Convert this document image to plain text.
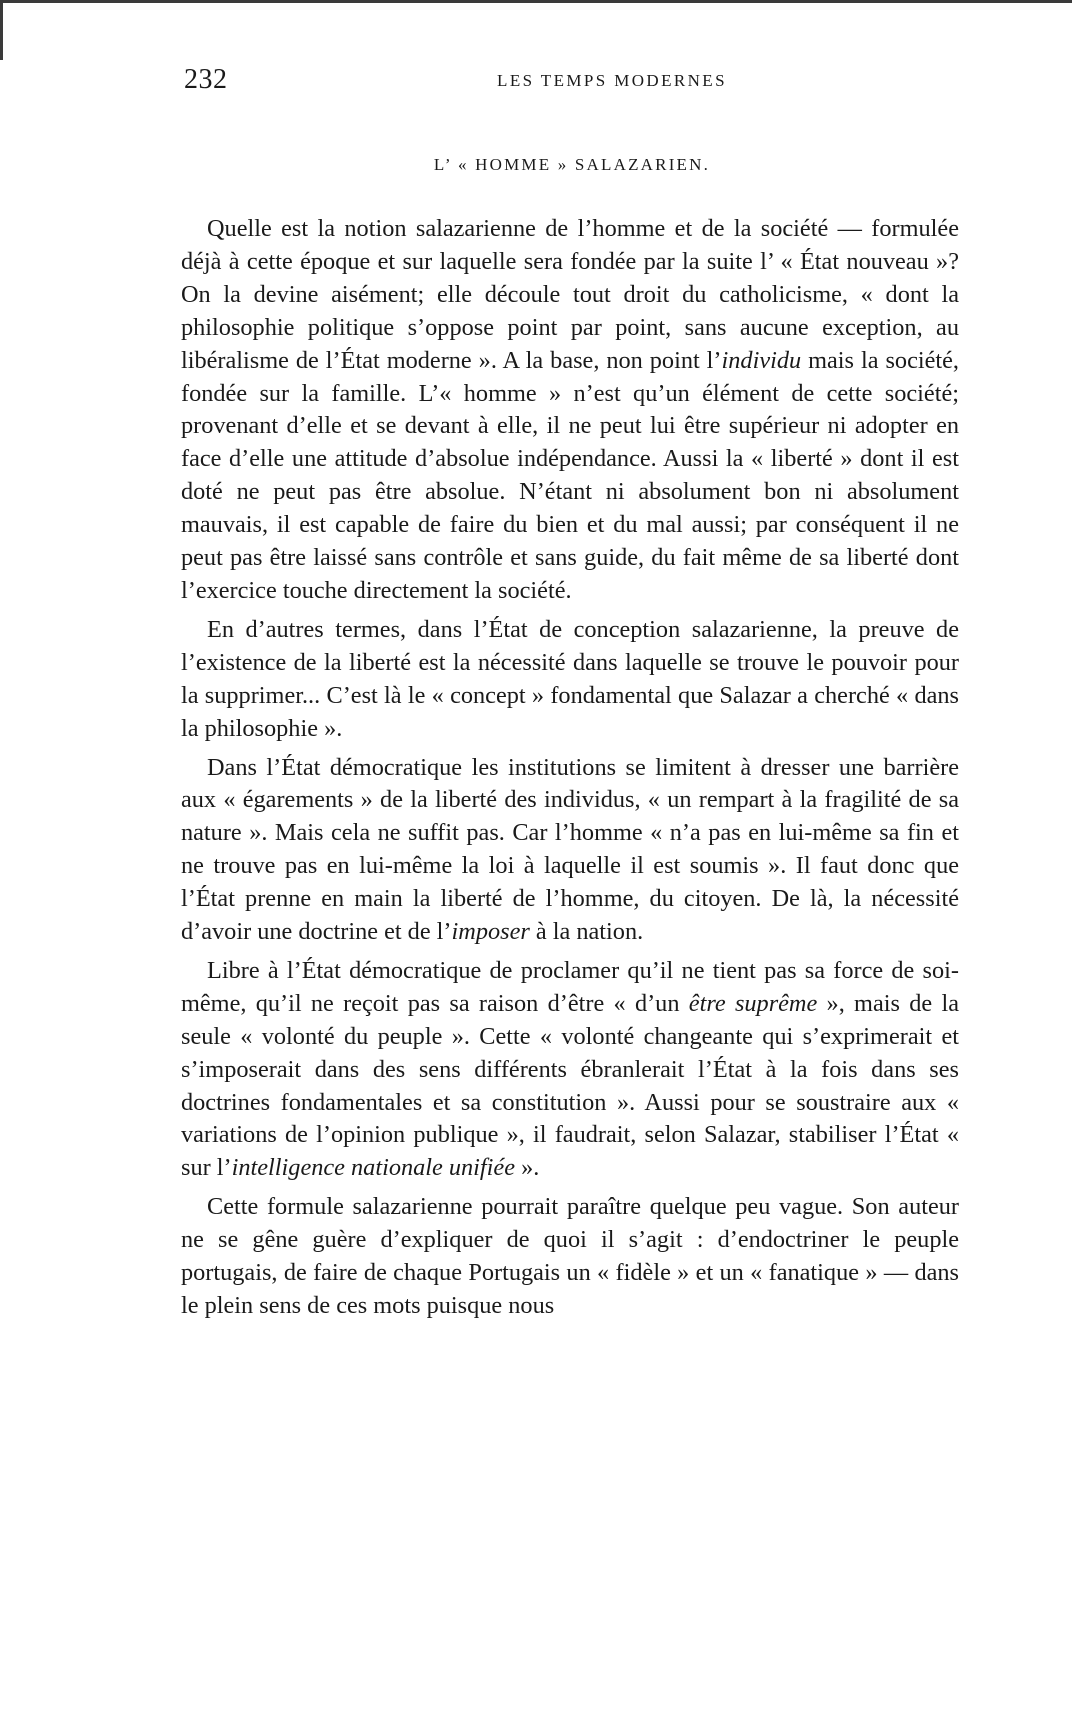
232	LES TEMPS MODERNES
L’ « HOMME » SALAZARIEN.

Quelle est la notion salazarienne de l’homme et de la société — formulée déjà à cette époque et sur laquelle sera fondée par la suite l’ « État nouveau »? On la devine aisément; elle découle tout droit du catholicisme, « dont la philosophie politique s’oppose point par point, sans aucune exception, au libéralisme de l’État moderne ». A la base, non point l’individu mais la société, fondée sur la famille. L’« homme » n’est qu’un élément de cette société; provenant d’elle et se devant à elle, il ne peut lui être supérieur ni adopter en face d’elle une attitude d’absolue indépendance. Aussi la « liberté » dont il est doté ne peut pas être absolue. N’étant ni absolument bon ni absolument mauvais, il est capable de faire du bien et du mal aussi; par conséquent il ne peut pas être laissé sans contrôle et sans guide, du fait même de sa liberté dont l’exercice touche directement la société.

En d’autres termes, dans l’État de conception salazarienne, la preuve de l’existence de la liberté est la nécessité dans laquelle se trouve le pouvoir pour la supprimer... C’est là le « concept » fondamental que Salazar a cherché « dans la philosophie ».

Dans l’État démocratique les institutions se limitent à dresser une barrière aux « égarements » de la liberté des individus, « un rempart à la fragilité de sa nature ». Mais cela ne suffit pas. Car l’homme « n’a pas en lui-même sa fin et ne trouve pas en lui-même la loi à laquelle il est soumis ». Il faut donc que l’État prenne en main la liberté de l’homme, du citoyen. De là, la nécessité d’avoir une doctrine et de l’imposer à la nation.

Libre à l’État démocratique de proclamer qu’il ne tient pas sa force de soi-même, qu’il ne reçoit pas sa raison d’être « d’un être suprême », mais de la seule « volonté du peuple ». Cette « volonté changeante qui s’exprimerait et s’imposerait dans des sens différents ébranlerait l’État à la fois dans ses doctrines fondamentales et sa constitution ». Aussi pour se soustraire aux « variations de l’opinion publique », il faudrait, selon Salazar, stabiliser l’État « sur l’intelligence nationale unifiée ».

Cette formule salazarienne pourrait paraître quelque peu vague. Son auteur ne se gêne guère d’expliquer de quoi il s’agit : d’endoctriner le peuple portugais, de faire de chaque Portugais un « fidèle » et un « fanatique » — dans le plein sens de ces mots puisque nous
